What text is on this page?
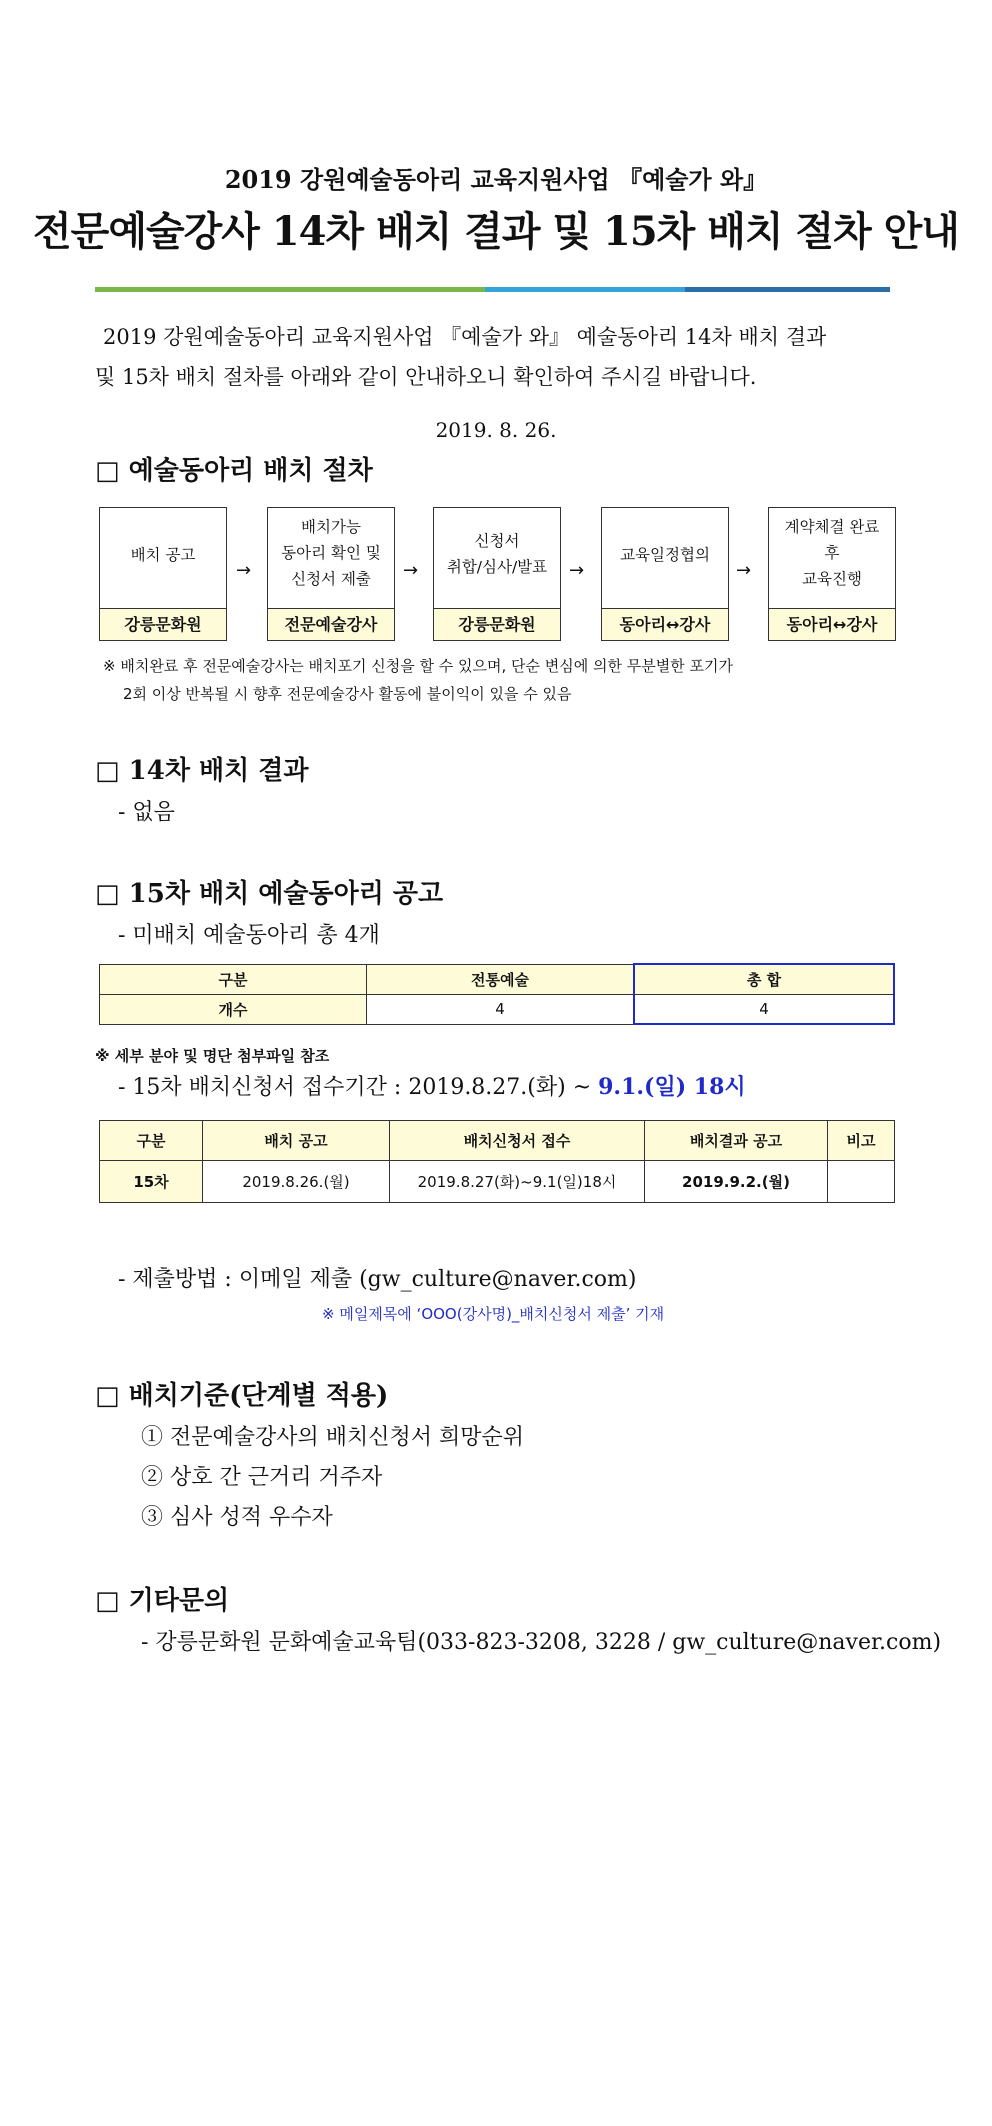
2019 강원예술동아리 교육지원사업 『예술가 와』
전문예술강사 14차 배치 결과 및 15차 배치 절차 안내
2019 강원예술동아리 교육지원사업 『예술가 와』 예술동아리 14차 배치 결과
및 15차 배치 절차를 아래와 같이 안내하오니 확인하여 주시길 바랍니다.
2019. 8. 26.
□ 예술동아리 배치 절차
배치 공고
강릉문화원
→
배치가능
동아리 확인 및
신청서 제출
전문예술강사
→
신청서
취합/심사/발표
강릉문화원
→
교육일정협의
동아리↔강사
→
계약체결 완료
후
교육진행
동아리↔강사
※ 배치완료 후 전문예술강사는 배치포기 신청을 할 수 있으며, 단순 변심에 의한 무분별한 포기가
2회 이상 반복될 시 향후 전문예술강사 활동에 불이익이 있을 수 있음
□ 14차 배치 결과
- 없음
□ 15차 배치 예술동아리 공고
- 미배치 예술동아리 총 4개
구분	전통예술	총 합
개수	4	4
※ 세부 분야 및 명단 첨부파일 참조
- 15차 배치신청서 접수기간 : 2019.8.27.(화) ~ 9.1.(일) 18시
구분	배치 공고	배치신청서 접수	배치결과 공고	비고
15차	2019.8.26.(월)	2019.8.27(화)~9.1(일)18시	2019.9.2.(월)	
- 제출방법 : 이메일 제출 (gw_culture@naver.com)
※ 메일제목에 ‘OOO(강사명)_배치신청서 제출’ 기재
□ 배치기준(단계별 적용)
① 전문예술강사의 배치신청서 희망순위
② 상호 간 근거리 거주자
③ 심사 성적 우수자
□ 기타문의
- 강릉문화원 문화예술교육팀(033-823-3208, 3228 / gw_culture@naver.com)
